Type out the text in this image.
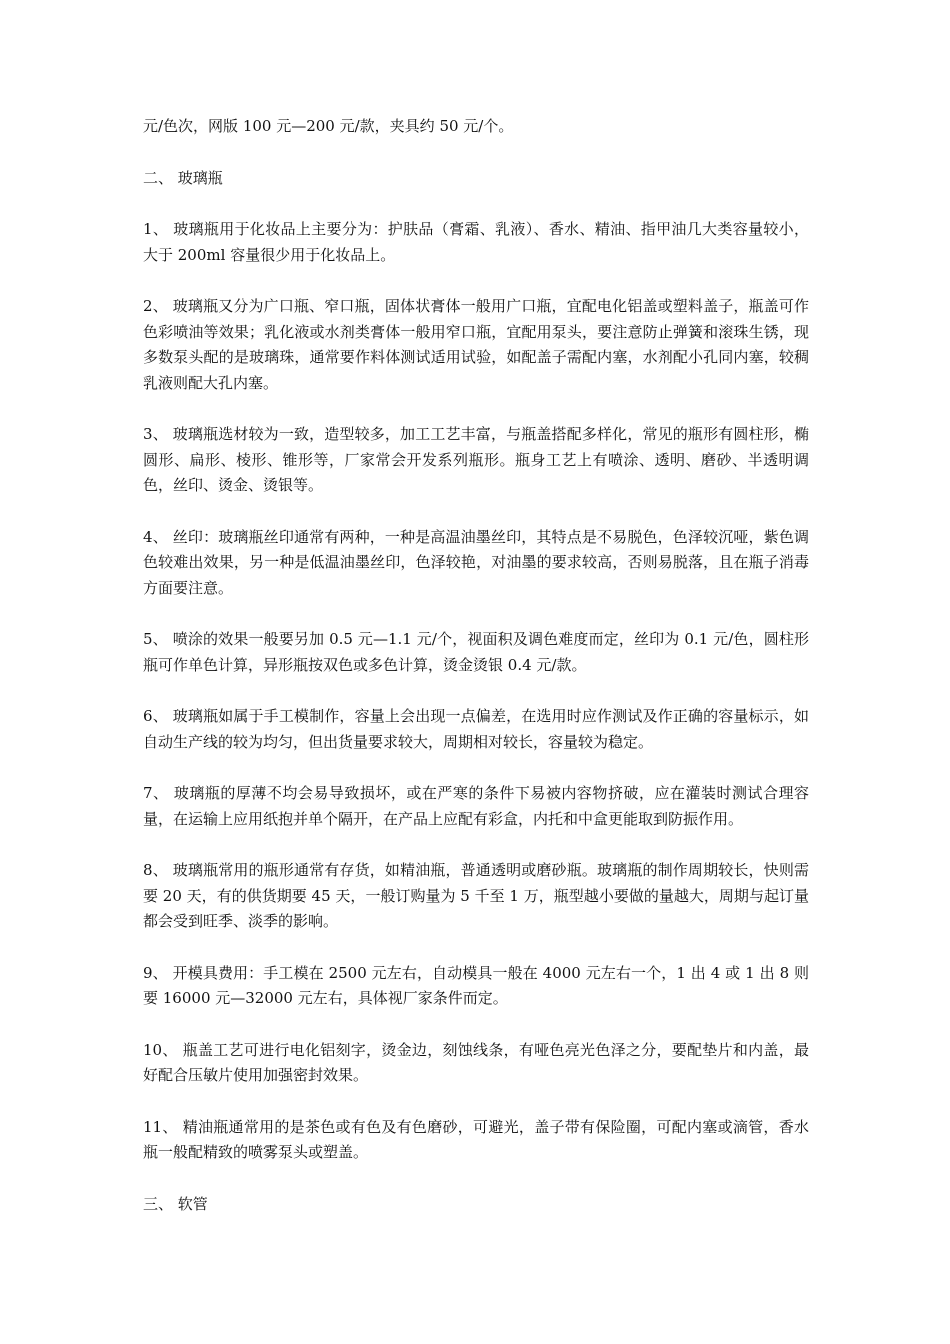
元/色次，网版 100 元—200 元/款，夹具约 50 元/个。

二、 玻璃瓶

1、 玻璃瓶用于化妆品上主要分为：护肤品（膏霜、乳液）、香水、精油、指甲油几大类容量较小，大于 200ml 容量很少用于化妆品上。

2、 玻璃瓶又分为广口瓶、窄口瓶，固体状膏体一般用广口瓶，宜配电化铝盖或塑料盖子，瓶盖可作色彩喷油等效果；乳化液或水剂类膏体一般用窄口瓶，宜配用泵头，要注意防止弹簧和滚珠生锈，现多数泵头配的是玻璃珠，通常要作料体测试适用试验，如配盖子需配内塞，水剂配小孔同内塞，较稠乳液则配大孔内塞。

3、 玻璃瓶选材较为一致，造型较多，加工工艺丰富，与瓶盖搭配多样化，常见的瓶形有圆柱形，椭圆形、扁形、棱形、锥形等，厂家常会开发系列瓶形。瓶身工艺上有喷涂、透明、磨砂、半透明调色，丝印、烫金、烫银等。

4、 丝印：玻璃瓶丝印通常有两种，一种是高温油墨丝印，其特点是不易脱色，色泽较沉哑，紫色调色较难出效果，另一种是低温油墨丝印，色泽较艳，对油墨的要求较高，否则易脱落，且在瓶子消毒方面要注意。

5、 喷涂的效果一般要另加 0.5 元—1.1 元/个，视面积及调色难度而定，丝印为 0.1 元/色，圆柱形瓶可作单色计算，异形瓶按双色或多色计算，烫金烫银 0.4 元/款。

6、 玻璃瓶如属于手工模制作，容量上会出现一点偏差，在选用时应作测试及作正确的容量标示，如自动生产线的较为均匀，但出货量要求较大，周期相对较长，容量较为稳定。

7、 玻璃瓶的厚薄不均会易导致损坏，或在严寒的条件下易被内容物挤破，应在灌装时测试合理容量，在运输上应用纸抱并单个隔开，在产品上应配有彩盒，内托和中盒更能取到防振作用。

8、 玻璃瓶常用的瓶形通常有存货，如精油瓶，普通透明或磨砂瓶。玻璃瓶的制作周期较长，快则需要 20 天，有的供货期要 45 天，一般订购量为 5 千至 1 万，瓶型越小要做的量越大，周期与起订量都会受到旺季、淡季的影响。

9、 开模具费用：手工模在 2500 元左右，自动模具一般在 4000 元左右一个，1 出 4 或 1 出 8 则要 16000 元—32000 元左右，具体视厂家条件而定。

10、 瓶盖工艺可进行电化铝刻字，烫金边，刻蚀线条，有哑色亮光色泽之分，要配垫片和内盖，最好配合压敏片使用加强密封效果。

11、 精油瓶通常用的是茶色或有色及有色磨砂，可避光，盖子带有保险圈，可配内塞或滴管，香水瓶一般配精致的喷雾泵头或塑盖。

三、 软管
